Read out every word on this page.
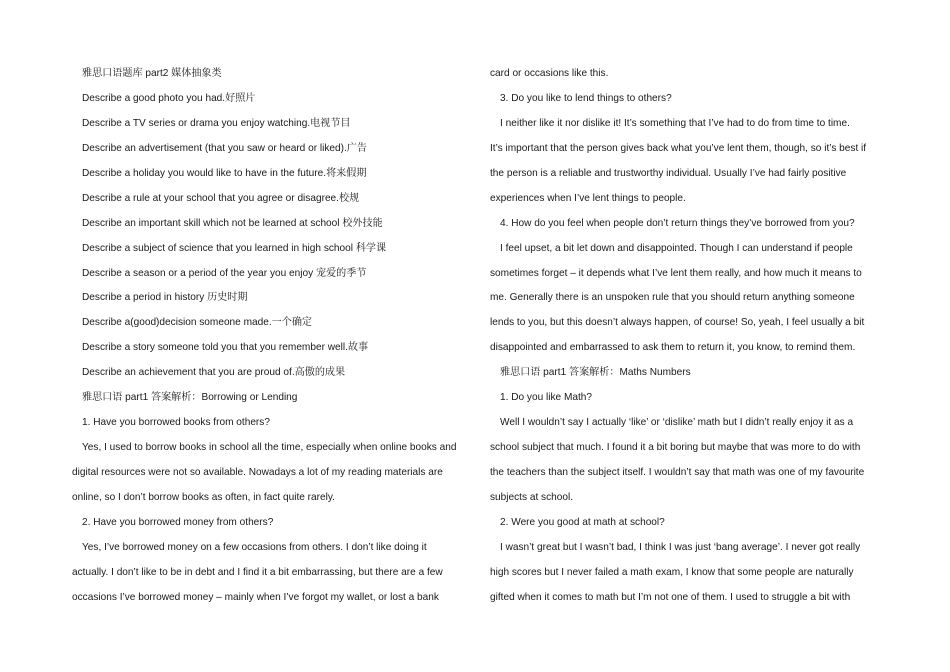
雅思口语题库 part2 媒体抽象类
Describe a good photo you had.好照片
Describe a TV series or drama you enjoy watching.电视节目
Describe an advertisement (that you saw or heard or liked).广告
Describe a holiday you would like to have in the future.将来假期
Describe a rule at your school that you agree or disagree.校规
Describe an important skill which not be learned at school 校外技能
Describe a subject of science that you learned in high school 科学课
Describe a season or a period of the year you enjoy 宠爱的季节
Describe a period in history 历史时期
Describe a(good)decision someone made.一个确定
Describe a story someone told you that you remember well.故事
Describe an achievement that you are proud of.高傲的成果
雅思口语 part1 答案解析：Borrowing or Lending
1. Have you borrowed books from others?
Yes, I used to borrow books in school all the time, especially when online books and
digital resources were not so available. Nowadays a lot of my reading materials are
online, so I don’t borrow books as often, in fact quite rarely.
2. Have you borrowed money from others?
Yes, I’ve borrowed money on a few occasions from others. I don’t like doing it
actually. I don’t like to be in debt and I find it a bit embarrassing, but there are a few
occasions I’ve borrowed money – mainly when I’ve forgot my wallet, or lost a bank
card or occasions like this.
3. Do you like to lend things to others?
I neither like it nor dislike it! It’s something that I’ve had to do from time to time.
It’s important that the person gives back what you’ve lent them, though, so it’s best if
the person is a reliable and trustworthy individual. Usually I’ve had fairly positive
experiences when I’ve lent things to people.
4. How do you feel when people don’t return things they’ve borrowed from you?
I feel upset, a bit let down and disappointed. Though I can understand if people
sometimes forget – it depends what I’ve lent them really, and how much it means to
me. Generally there is an unspoken rule that you should return anything someone
lends to you, but this doesn’t always happen, of course! So, yeah, I feel usually a bit
disappointed and embarrassed to ask them to return it, you know, to remind them.
雅思口语 part1 答案解析：Maths Numbers
1. Do you like Math?
Well I wouldn’t say I actually ‘like’ or ‘dislike’ math but I didn’t really enjoy it as a
school subject that much. I found it a bit boring but maybe that was more to do with
the teachers than the subject itself. I wouldn’t say that math was one of my favourite
subjects at school.
2. Were you good at math at school?
I wasn’t great but I wasn’t bad, I think I was just ‘bang average’. I never got really
high scores but I never failed a math exam, I know that some people are naturally
gifted when it comes to math but I’m not one of them. I used to struggle a bit with
